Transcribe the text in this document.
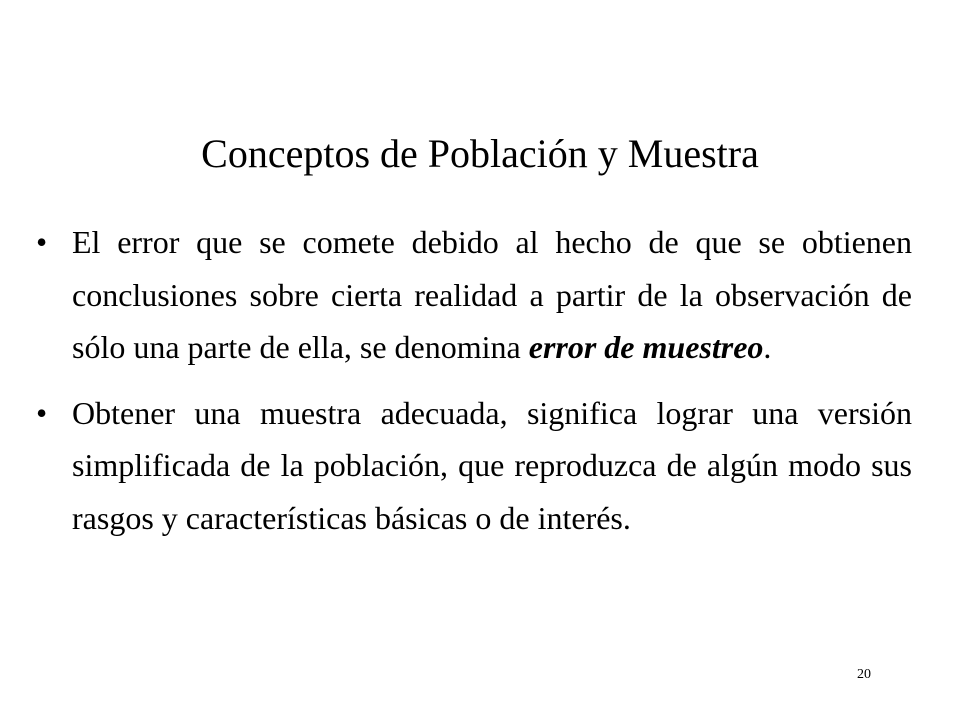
Conceptos de Población y Muestra
• El error que se comete debido al hecho de que se obtienen conclusiones sobre cierta realidad a partir de la observación de sólo una parte de ella, se denomina error de muestreo.
• Obtener una muestra adecuada, significa lograr una versión simplificada de la población, que reproduzca de algún modo sus rasgos y características básicas o de interés.
20
